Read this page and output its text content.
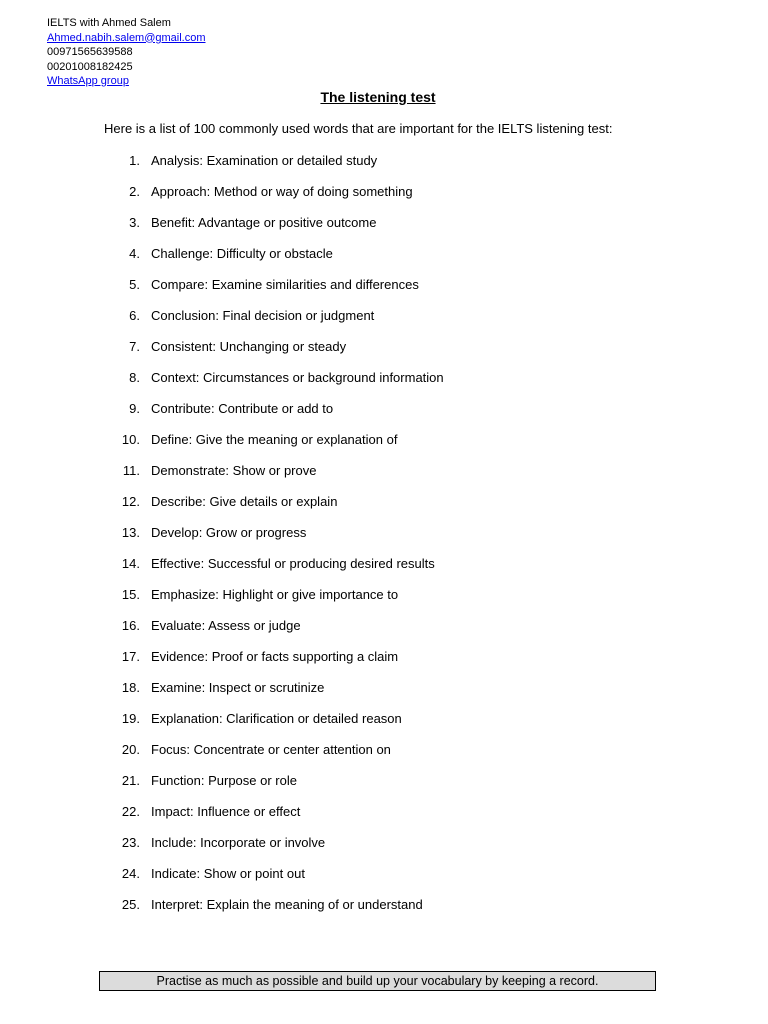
IELTS with Ahmed Salem
Ahmed.nabih.salem@gmail.com
00971565639588
00201008182425
WhatsApp group
The listening test
Here is a list of 100 commonly used words that are important for the IELTS listening test:
1. Analysis: Examination or detailed study
2. Approach: Method or way of doing something
3. Benefit: Advantage or positive outcome
4. Challenge: Difficulty or obstacle
5. Compare: Examine similarities and differences
6. Conclusion: Final decision or judgment
7. Consistent: Unchanging or steady
8. Context: Circumstances or background information
9. Contribute: Contribute or add to
10. Define: Give the meaning or explanation of
11. Demonstrate: Show or prove
12. Describe: Give details or explain
13. Develop: Grow or progress
14. Effective: Successful or producing desired results
15. Emphasize: Highlight or give importance to
16. Evaluate: Assess or judge
17. Evidence: Proof or facts supporting a claim
18. Examine: Inspect or scrutinize
19. Explanation: Clarification or detailed reason
20. Focus: Concentrate or center attention on
21. Function: Purpose or role
22. Impact: Influence or effect
23. Include: Incorporate or involve
24. Indicate: Show or point out
25. Interpret: Explain the meaning of or understand
Practise as much as possible and build up your vocabulary by keeping a record.
